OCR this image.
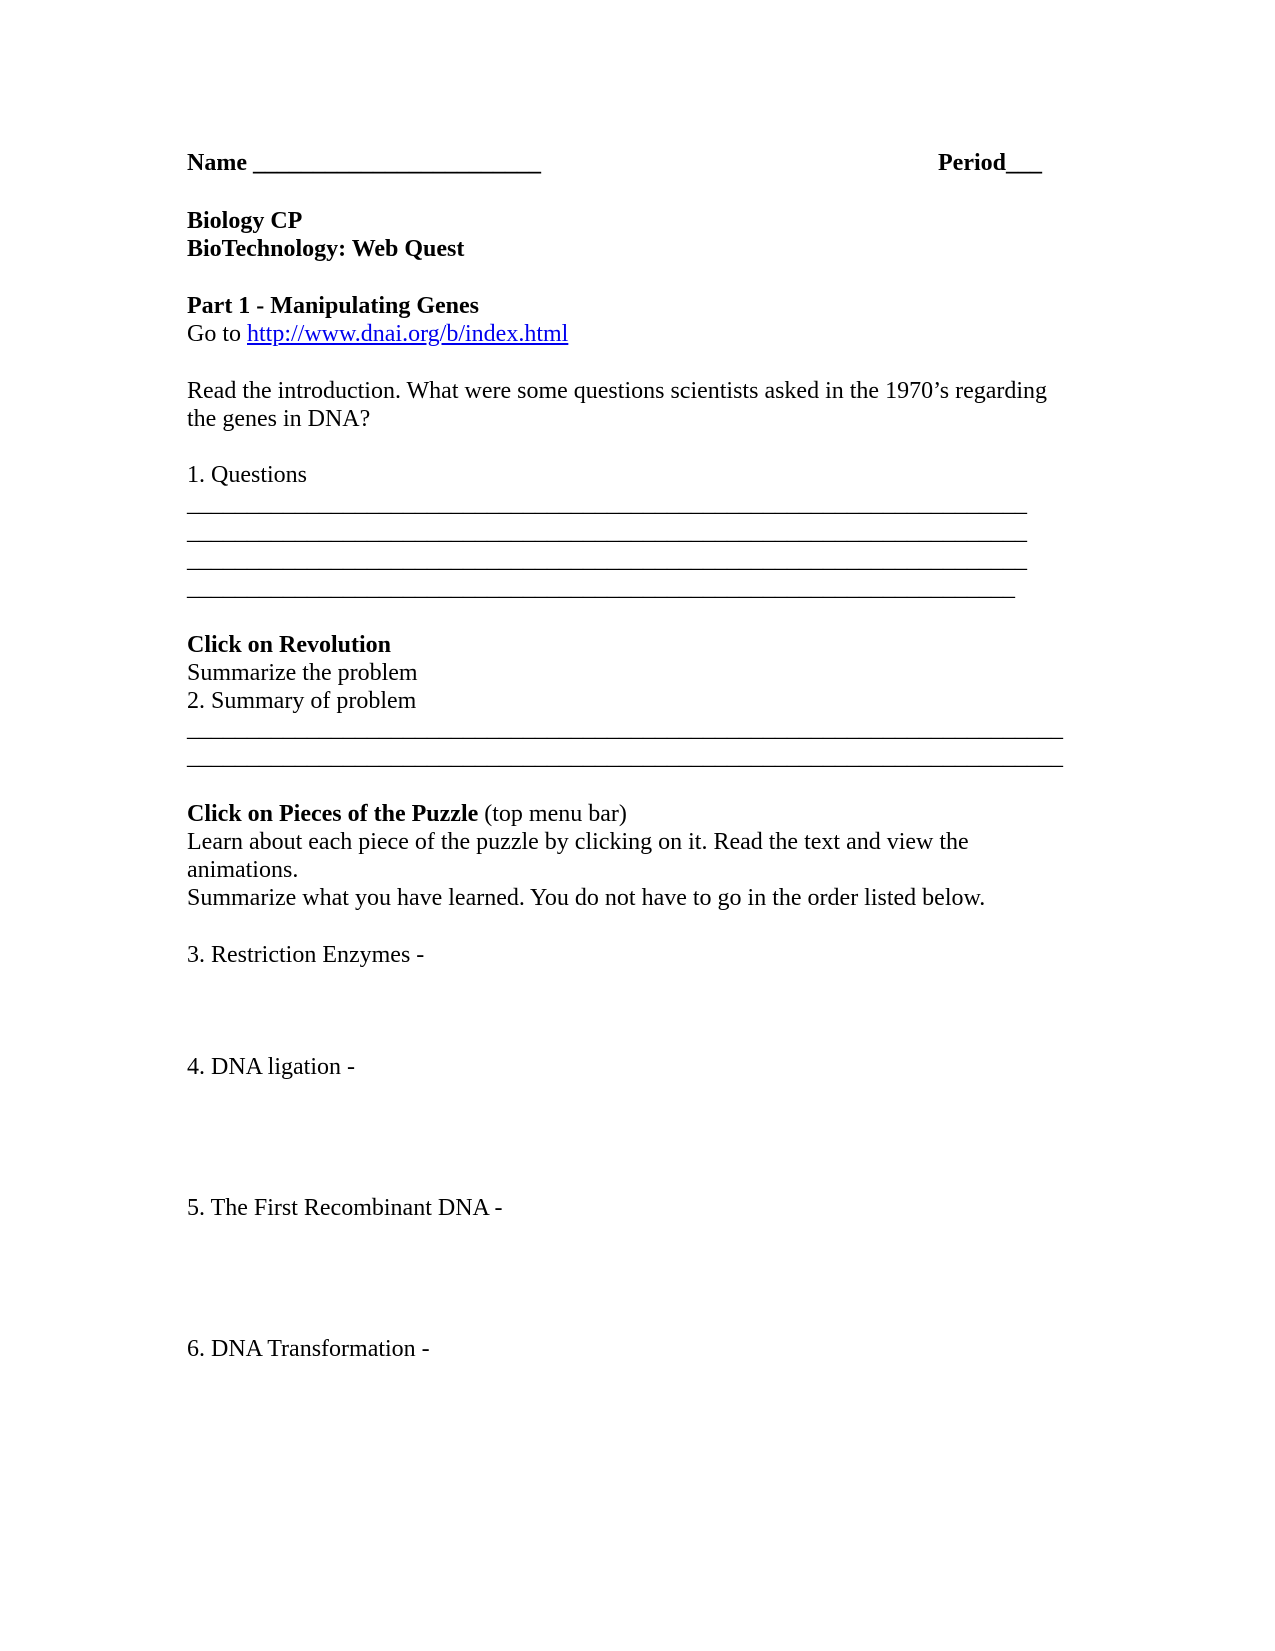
Name ________________________	Period___
Biology CP
BioTechnology: Web Quest
Part 1 - Manipulating Genes
Go to http://www.dnai.org/b/index.html
Read the introduction. What were some questions scientists asked in the 1970’s regarding
the genes in DNA?
1. Questions
______________________________________________________________________
______________________________________________________________________
______________________________________________________________________
_____________________________________________________________________
Click on Revolution
Summarize the problem
2. Summary of problem
_________________________________________________________________________
_________________________________________________________________________
Click on Pieces of the Puzzle (top menu bar)
Learn about each piece of the puzzle by clicking on it. Read the text and view the
animations.
Summarize what you have learned. You do not have to go in the order listed below.
3. Restriction Enzymes -
4. DNA ligation -
5. The First Recombinant DNA -
6. DNA Transformation -
